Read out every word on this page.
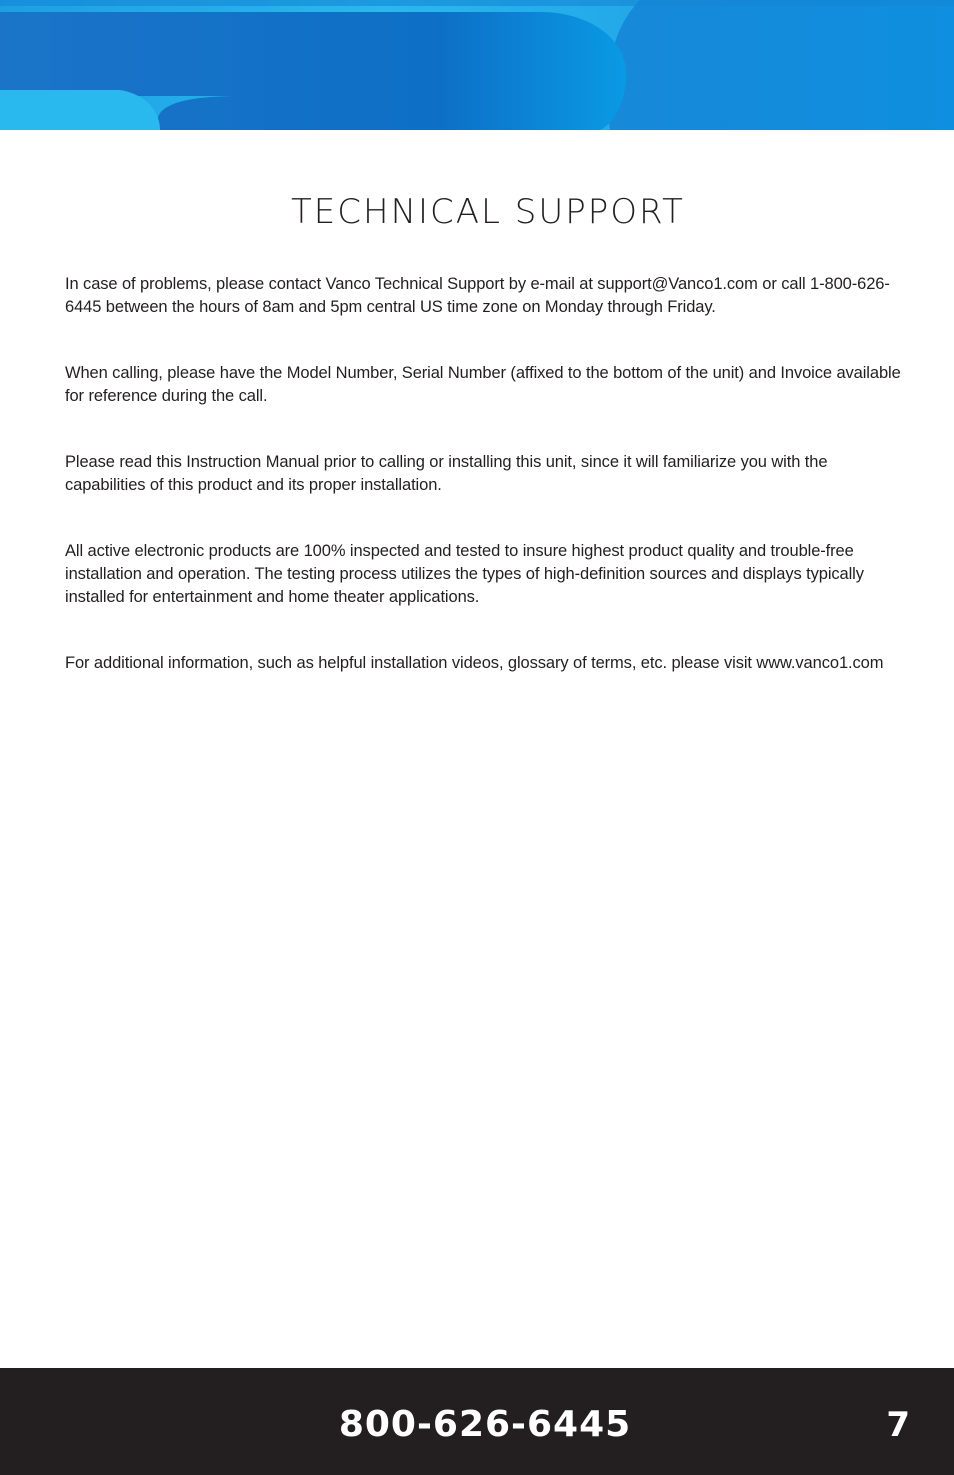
TECHNICAL SUPPORT

In case of problems, please contact Vanco Technical Support by e-mail at support@Vanco1.com or call 1-800-626-6445 between the hours of 8am and 5pm central US time zone on Monday through Friday.

When calling, please have the Model Number, Serial Number (affixed to the bottom of the unit) and Invoice available for reference during the call.

Please read this Instruction Manual prior to calling or installing this unit, since it will familiarize you with the capabilities of this product and its proper installation.

All active electronic products are 100% inspected and tested to insure highest product quality and trouble-free installation and operation. The testing process utilizes the types of high-definition sources and displays typically installed for entertainment and home theater applications.

For additional information, such as helpful installation videos, glossary of terms, etc. please visit www.vanco1.com

800-626-6445	7
